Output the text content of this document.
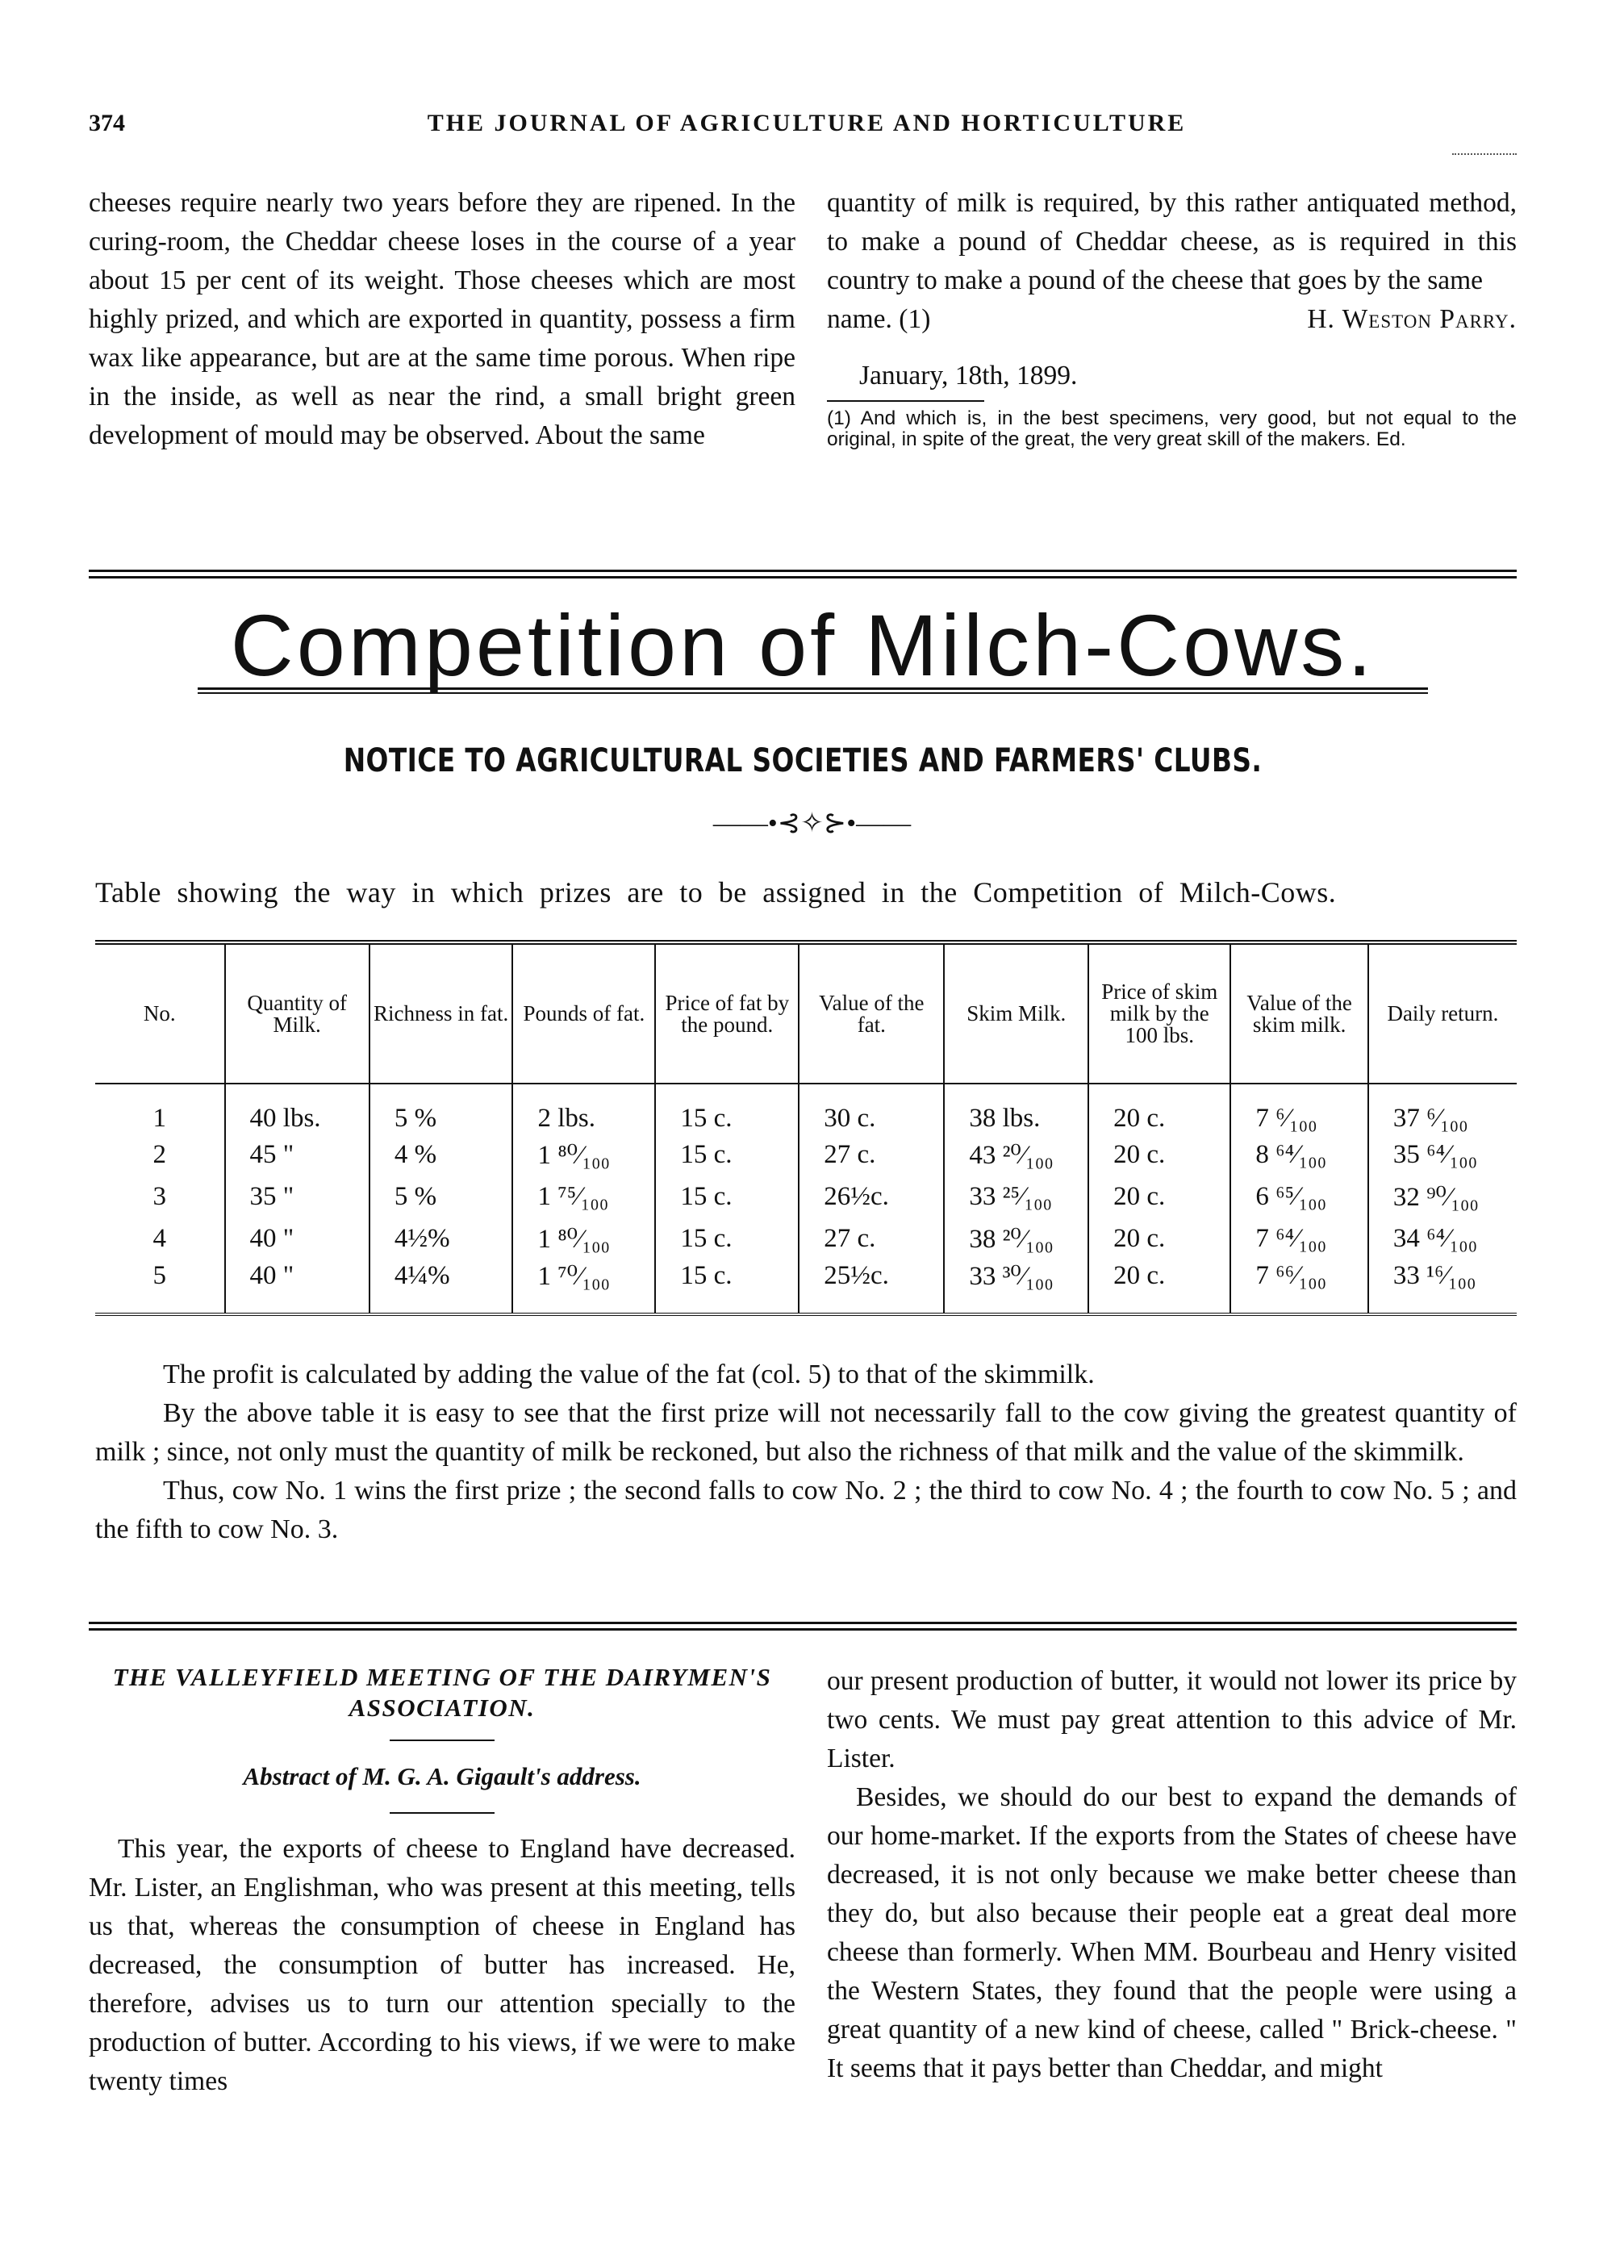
374	THE JOURNAL OF AGRICULTURE AND HORTICULTURE

cheeses require nearly two years before they are ripened. In the curing-room, the Cheddar cheese loses in the course of a year about 15 per cent of its weight. Those cheeses which are most highly prized, and which are exported in quantity, possess a firm wax like appearance, but are at the same time porous. When ripe in the inside, as well as near the rind, a small bright green development of mould may be observed. About the same

quantity of milk is required, by this rather antiquated method, to make a pound of Cheddar cheese, as is required in this country to make a pound of the cheese that goes by the same

name. (1)	H. Weston Parry.

January, 18th, 1899.

(1) And which is, in the best specimens, very good, but not equal to the original, in spite of the great, the very great skill of the makers. Ed.

Competition of Milch-Cows.
NOTICE TO AGRICULTURAL SOCIETIES AND FARMERS' CLUBS.
——•⊰✧⊱•——

Table showing the way in which prizes are to be assigned in the Competition of Milch-Cows.

No.	Quantity of Milk.	Richness in fat.	Pounds of fat.	Price of fat by the pound.	Value of the fat.	Skim Milk.	Price of skim milk by the 100 lbs.	Value of the skim milk.	Daily return.
1	40 lbs.	5 %	2 lbs.	15 c.	30 c.	38 lbs.	20 c.	7 ⁶⁄₁₀₀	37 ⁶⁄₁₀₀
2	45 "	4 %	1 ⁸⁰⁄₁₀₀	15 c.	27 c.	43 ²⁰⁄₁₀₀	20 c.	8 ⁶⁴⁄₁₀₀	35 ⁶⁴⁄₁₀₀
3	35 "	5 %	1 ⁷⁵⁄₁₀₀	15 c.	26½c.	33 ²⁵⁄₁₀₀	20 c.	6 ⁶⁵⁄₁₀₀	32 ⁹⁰⁄₁₀₀
4	40 "	4½%	1 ⁸⁰⁄₁₀₀	15 c.	27 c.	38 ²⁰⁄₁₀₀	20 c.	7 ⁶⁴⁄₁₀₀	34 ⁶⁴⁄₁₀₀
5	40 "	4¼%	1 ⁷⁰⁄₁₀₀	15 c.	25½c.	33 ³⁰⁄₁₀₀	20 c.	7 ⁶⁶⁄₁₀₀	33 ¹⁶⁄₁₀₀

The profit is calculated by adding the value of the fat (col. 5) to that of the skimmilk.

By the above table it is easy to see that the first prize will not necessarily fall to the cow giving the greatest quantity of milk ; since, not only must the quantity of milk be reckoned, but also the richness of that milk and the value of the skimmilk.

Thus, cow No. 1 wins the first prize ; the second falls to cow No. 2 ; the third to cow No. 4 ; the fourth to cow No. 5 ; and the fifth to cow No. 3.

THE VALLEYFIELD MEETING OF THE DAIRYMEN'S ASSOCIATION.

Abstract of M. G. A. Gigault's address.

This year, the exports of cheese to England have decreased. Mr. Lister, an Englishman, who was present at this meeting, tells us that, whereas the consumption of cheese in England has decreased, the consumption of butter has increased. He, therefore, advises us to turn our attention specially to the production of butter. According to his views, if we were to make twenty times

our present production of butter, it would not lower its price by two cents. We must pay great attention to this advice of Mr. Lister.

Besides, we should do our best to expand the demands of our home-market. If the exports from the States of cheese have decreased, it is not only because we make better cheese than they do, but also because their people eat a great deal more cheese than formerly. When MM. Bourbeau and Henry visited the Western States, they found that the people were using a great quantity of a new kind of cheese, called " Brick-cheese. " It seems that it pays better than Cheddar, and might
